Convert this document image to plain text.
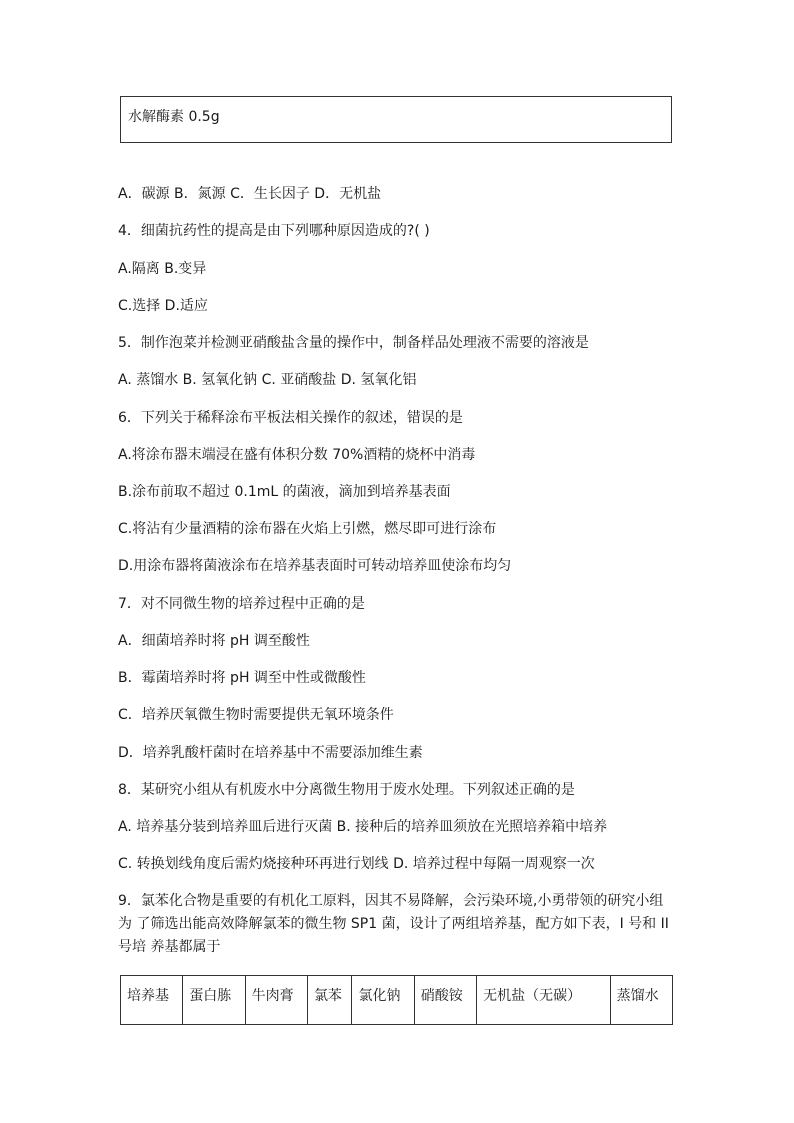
水解酶素 0.5g
A．碳源 B．氮源 C．生长因子 D．无机盐
4．细菌抗药性的提高是由下列哪种原因造成的?( )
A.隔离 B.变异
C.选择 D.适应
5．制作泡菜并检测亚硝酸盐含量的操作中，制备样品处理液不需要的溶液是
A. 蒸馏水 B. 氢氧化钠 C. 亚硝酸盐 D. 氢氧化铝
6．下列关于稀释涂布平板法相关操作的叙述，错误的是
A.将涂布器末端浸在盛有体积分数 70%酒精的烧杯中消毒
B.涂布前取不超过 0.1mL 的菌液，滴加到培养基表面
C.将沾有少量酒精的涂布器在火焰上引燃，燃尽即可进行涂布
D.用涂布器将菌液涂布在培养基表面时可转动培养皿使涂布均匀
7．对不同微生物的培养过程中正确的是
A．细菌培养时将 pH 调至酸性
B．霉菌培养时将 pH 调至中性或微酸性
C．培养厌氧微生物时需要提供无氧环境条件
D．培养乳酸杆菌时在培养基中不需要添加维生素
8．某研究小组从有机废水中分离微生物用于废水处理。下列叙述正确的是
A. 培养基分装到培养皿后进行灭菌 B. 接种后的培养皿须放在光照培养箱中培养
C. 转换划线角度后需灼烧接种环再进行划线 D. 培养过程中每隔一周观察一次
9．氯苯化合物是重要的有机化工原料，因其不易降解，会污染环境,小勇带领的研究小组为 了筛选出能高效降解氯苯的微生物 SP1 菌，设计了两组培养基，配方如下表，I 号和 II 号培 养基都属于
培养基	蛋白胨	牛肉膏	氯苯	氯化钠	硝酸铵	无机盐（无碳）	蒸馏水
